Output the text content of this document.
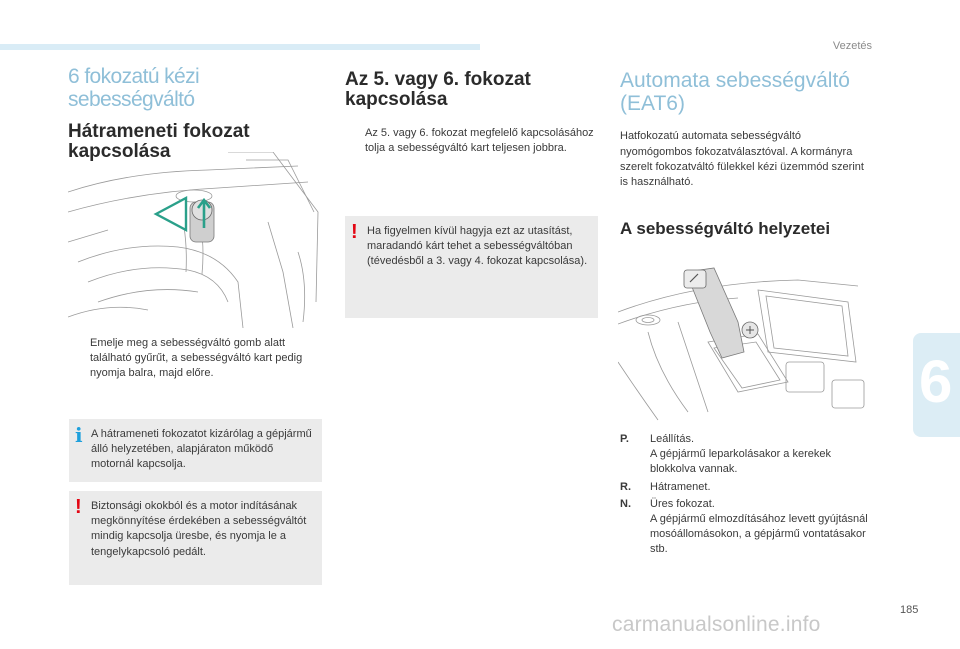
Vezetés
6 fokozatú kézi sebességváltó
Hátrameneti fokozat kapcsolása

Emelje meg a sebességváltó gomb alatt található gyűrűt, a sebességváltó kart pedig nyomja balra, majd előre.

i A hátrameneti fokozatot kizárólag a gépjármű álló helyzetében, alapjáraton működő motornál kapcsolja.

! Biztonsági okokból és a motor indításának megkönnyítése érdekében a sebességváltót mindig kapcsolja üresbe, és nyomja le a tengelykapcsoló pedált.

Az 5. vagy 6. fokozat kapcsolása

Az 5. vagy 6. fokozat megfelelő kapcsolásához tolja a sebességváltó kart teljesen jobbra.

! Ha figyelmen kívül hagyja ezt az utasítást, maradandó kárt tehet a sebességváltóban (tévedésből a 3. vagy 4. fokozat kapcsolása).

Automata sebességváltó (EAT6)

Hatfokozatú automata sebességváltó nyomógombos fokozatválasztóval. A kormányra szerelt fokozatváltó fülekkel kézi üzemmód szerint is használható.

A sebességváltó helyzetei
P. Leállítás.

A gépjármű leparkolásakor a kerekek blokkolva vannak.

R. Hátramenet.

N. Üres fokozat.

A gépjármű elmozdításához levett gyújtásnál mosóállomásokon, a gépjármű vontatásakor stb.

6
185
carmanualsonline.info
